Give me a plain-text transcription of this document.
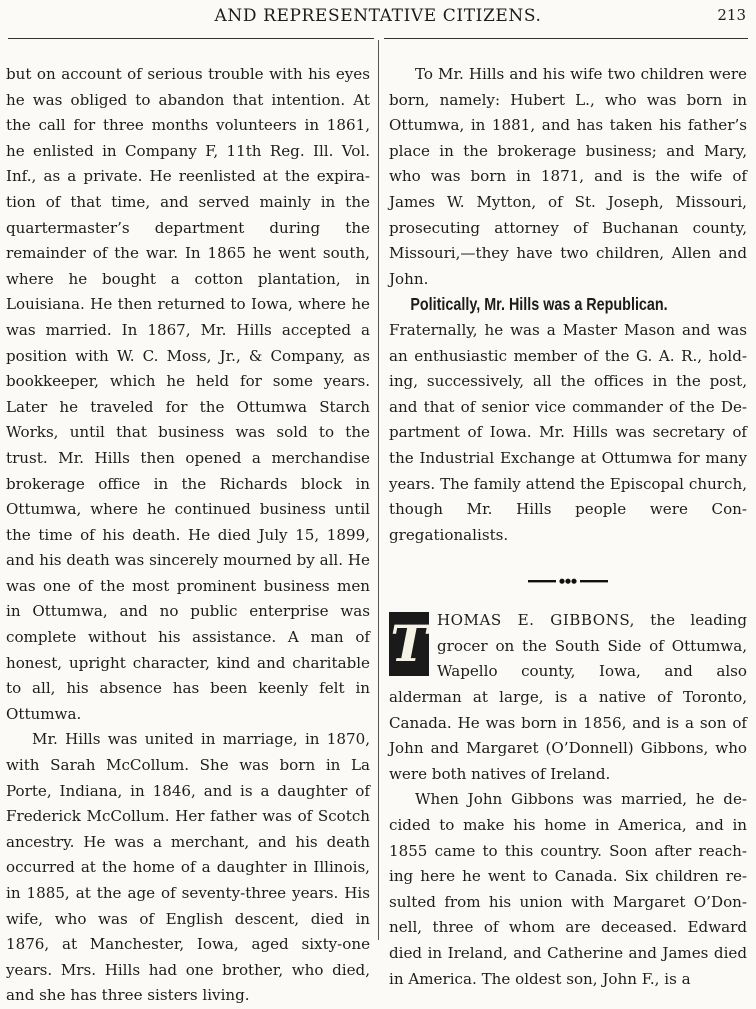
AND REPRESENTATIVE CITIZENS.	213

but on account of serious trouble with his eyes he was obliged to abandon that intention. At the call for three months volunteers in 1861, he enlisted in Company F, 11th Reg. Ill. Vol. Inf., as a private. He reenlisted at the expiration of that time, and served mainly in the quartermaster’s department during the remainder of the war. In 1865 he went south, where he bought a cotton plantation, in Louisiana. He then returned to Iowa, where he was married. In 1867, Mr. Hills accepted a position with W. C. Moss, Jr., & Company, as bookkeeper, which he held for some years. Later he traveled for the Ottumwa Starch Works, until that business was sold to the trust. Mr. Hills then opened a merchandise brokerage office in the Richards block in Ottumwa, where he continued business until the time of his death. He died July 15, 1899, and his death was sincerely mourned by all. He was one of the most prominent business men in Ottumwa, and no public enterprise was complete without his assistance. A man of honest, upright character, kind and charitable to all, his absence has been keenly felt in Ottumwa.

Mr. Hills was united in marriage, in 1870, with Sarah McCollum. She was born in La Porte, Indiana, in 1846, and is a daughter of Frederick McCollum. Her father was of Scotch ancestry. He was a merchant, and his death occurred at the home of a daughter in Illinois, in 1885, at the age of seventy-three years. His wife, who was of English descent, died in 1876, at Manchester, Iowa, aged sixty-one years. Mrs. Hills had one brother, who died, and she has three sisters living.

To Mr. Hills and his wife two children were born, namely: Hubert L., who was born in Ottumwa, in 1881, and has taken his father’s place in the brokerage business; and Mary, who was born in 1871, and is the wife of James W. Mytton, of St. Joseph, Missouri, prosecuting attorney of Buchanan county, Missouri,—they have two children, Allen and John.

Politically, Mr. Hills was a Republican.

Fraternally, he was a Master Mason and was an enthusiastic member of the G. A. R., holding, successively, all the offices in the post, and that of senior vice commander of the Department of Iowa. Mr. Hills was secretary of the Industrial Exchange at Ottumwa for many years. The family attend the Episcopal church, though Mr. Hills people were Congregationalists.

T HOMAS E. GIBBONS, the leading grocer on the South Side of Ottumwa, Wapello county, Iowa, and also alderman at large, is a native of Toronto, Canada. He was born in 1856, and is a son of John and Margaret (O’Donnell) Gibbons, who were both natives of Ireland.

When John Gibbons was married, he decided to make his home in America, and in 1855 came to this country. Soon after reaching here he went to Canada. Six children resulted from his union with Margaret O’Donnell, three of whom are deceased. Edward died in Ireland, and Catherine and James died in America. The oldest son, John F., is a
